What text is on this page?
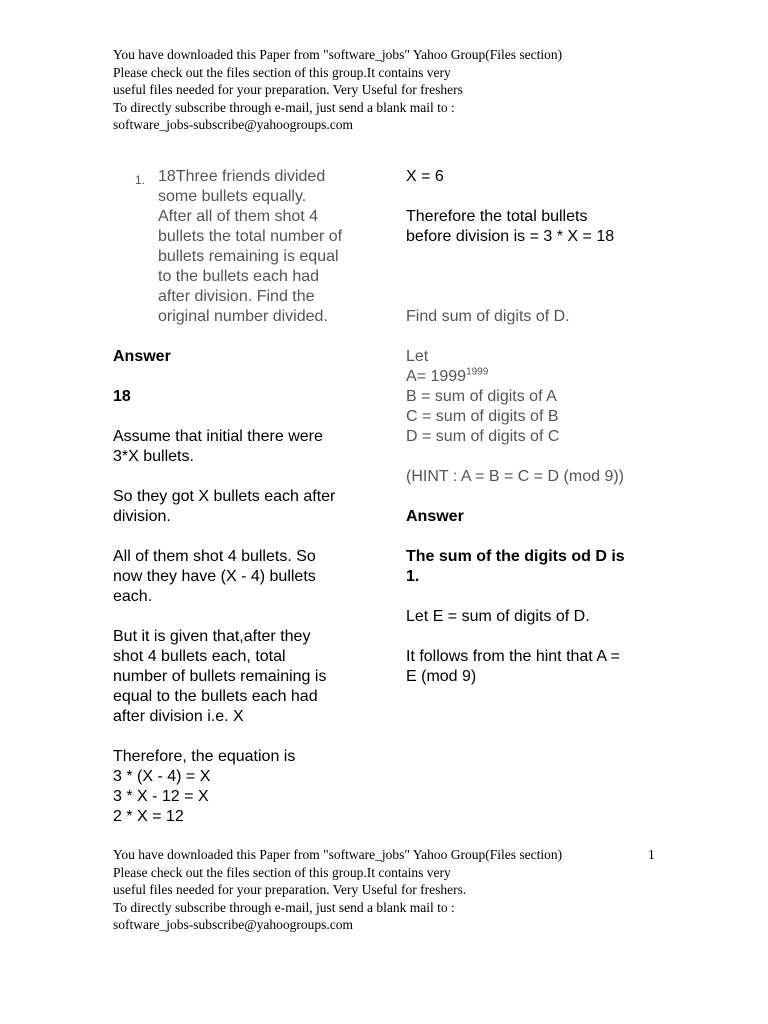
You have downloaded this Paper from "software_jobs" Yahoo Group(Files section)
Please check out the files section of this group.It contains very
useful files needed for your preparation. Very Useful for freshers
To directly subscribe through e-mail, just send a blank mail to :
software_jobs-subscribe@yahoogroups.com
1. 18Three friends divided
some bullets equally.
After all of them shot 4
bullets the total number of
bullets remaining is equal
to the bullets each had
after division. Find the
original number divided.
Answer
18
Assume that initial there were
3*X bullets.
So they got X bullets each after
division.
All of them shot 4 bullets. So
now they have (X - 4) bullets
each.
But it is given that,after they
shot 4 bullets each, total
number of bullets remaining is
equal to the bullets each had
after division i.e. X
Therefore, the equation is
3 * (X - 4) = X
3 * X - 12 = X
2 * X = 12
X = 6
Therefore the total bullets
before division is = 3 * X = 18
Find sum of digits of D.
Let
$A= 1999^{1999}$
B = sum of digits of A
C = sum of digits of B
D = sum of digits of C
(HINT : A = B = C = D (mod 9))
Answer
The sum of the digits od D is
1.
Let E = sum of digits of D.
It follows from the hint that A =
E (mod 9)
You have downloaded this Paper from "software_jobs" Yahoo Group(Files section)
Please check out the files section of this group.It contains very
useful files needed for your preparation. Very Useful for freshers.
To directly subscribe through e-mail, just send a blank mail to :
software_jobs-subscribe@yahoogroups.com
1
